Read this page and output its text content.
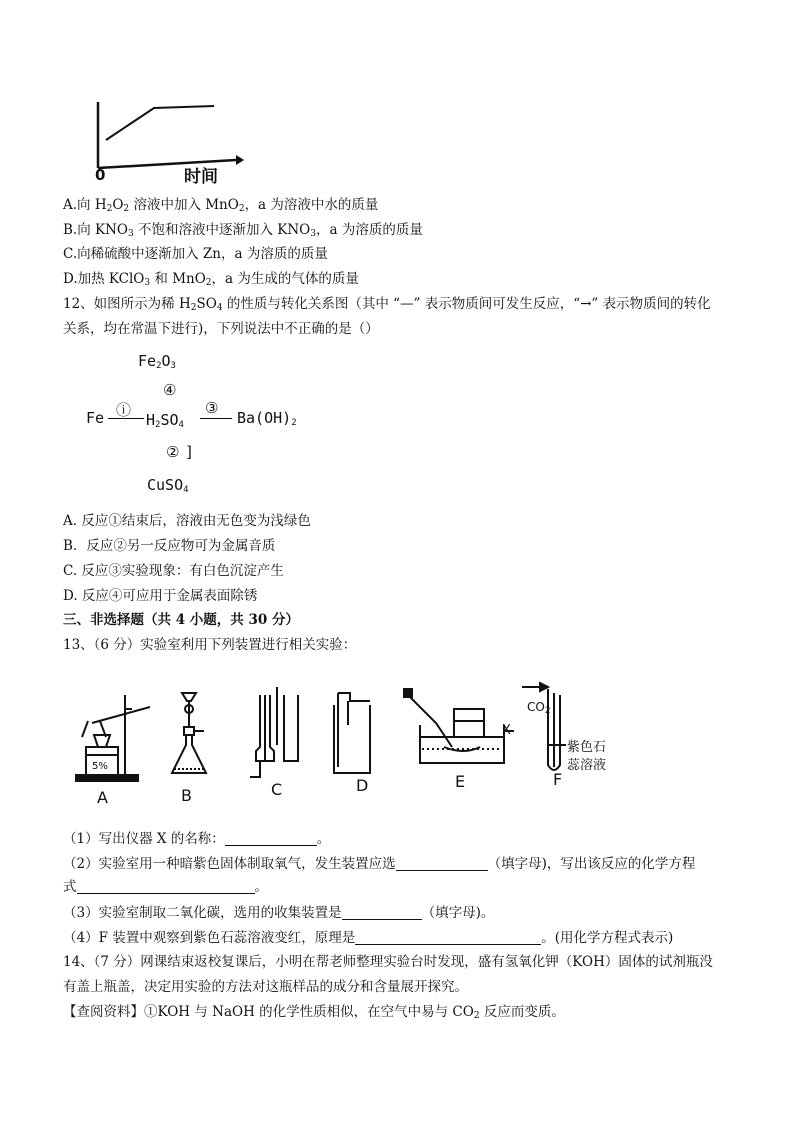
0	时间
A.向 $H_2O_2$ 溶液中加入 MnO$_2$，a 为溶液中水的质量
B.向 $KNO_3$ 不饱和溶液中逐渐加入 $KNO_3$，a 为溶质的质量
C.向稀硫酸中逐渐加入 Zn，a 为溶质的质量
D.加热 KClO$_3$ 和 MnO$_2$，a 为生成的气体的质量
12、如图所示为稀 $H_2SO_4$ 的性质与转化关系图（其中 “—” 表示物质间可发生反应，“→” 表示物质间的转化
关系，均在常温下进行)，下列说法中不正确的是（）
$Fe_2O_3$
④
Fe ⓘ
$H_2SO_4$
③
$Ba(OH)_2$
② ]
CuSO$_4$
A. 反应①结束后，溶液由无色变为浅绿色
B．反应②另一反应物可为金属音质
C. 反应③实验现象：有白色沉淀产生
D. 反应④可应用于金属表面除锈
三、非选择题（共 4 小题，共 30 分）
13、（6 分）实验室利用下列装置进行相关实验：
5%
X
$CO_2$
紫色石
蕊溶液
A	B	C	D	E	F
（1）写出仪器 X 的名称：	。
（2）实验室用一种暗紫色固体制取氧气，发生装置应选	（填字母)，写出该反应的化学方程
式	。
（3）实验室制取二氧化碳，选用的收集装置是	（填字母)。
（4）F 装置中观察到紫色石蕊溶液变红，原理是	。(用化学方程式表示)
14、（7 分）网课结束返校复课后，小明在帮老师整理实验台时发现，盛有氢氧化钾（KOH）固体的试剂瓶没
有盖上瓶盖，决定用实验的方法对这瓶样品的成分和含量展开探究。
【查阅资料】①KOH 与 NaOH 的化学性质相似，在空气中易与 $CO_2$ 反应而变质。
